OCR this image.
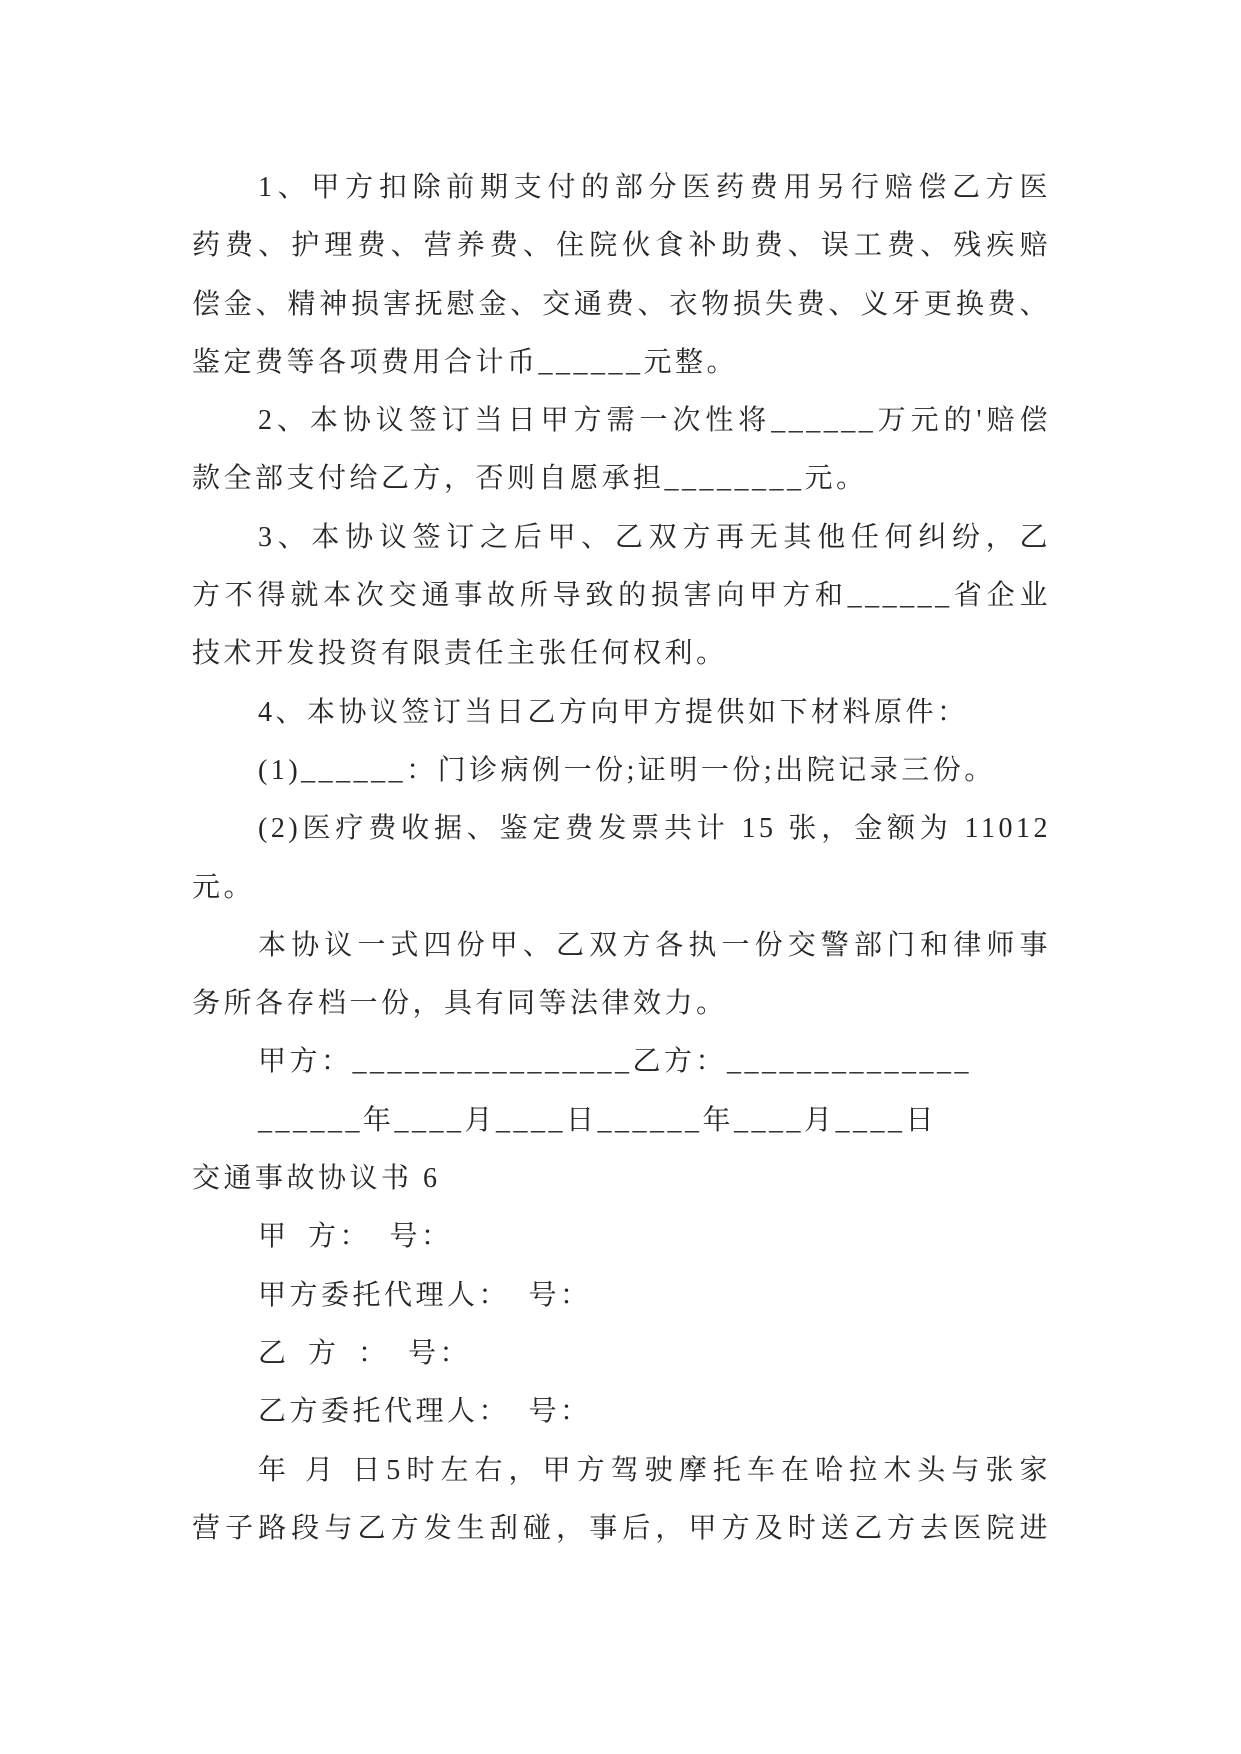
1、甲方扣除前期支付的部分医药费用另行赔偿乙方医
药费、护理费、营养费、住院伙食补助费、误工费、残疾赔
偿金、精神损害抚慰金、交通费、衣物损失费、义牙更换费、
鉴定费等各项费用合计币______元整。
2、本协议签订当日甲方需一次性将______万元的'赔偿
款全部支付给乙方，否则自愿承担________元。
3、本协议签订之后甲、乙双方再无其他任何纠纷，乙
方不得就本次交通事故所导致的损害向甲方和______省企业
技术开发投资有限责任主张任何权利。
4、本协议签订当日乙方向甲方提供如下材料原件：
(1)______：门诊病例一份;证明一份;出院记录三份。
(2)医疗费收据、鉴定费发票共计 15 张，金额为 11012
元。
本协议一式四份甲、乙双方各执一份交警部门和律师事
务所各存档一份，具有同等法律效力。
甲方：________________乙方：______________
______年____月____日______年____月____日
交通事故协议书 6
甲 方： 号：
甲方委托代理人： 号：
乙 方 ： 号：
乙方委托代理人： 号：
年 月 日5时左右，甲方驾驶摩托车在哈拉木头与张家
营子路段与乙方发生刮碰，事后，甲方及时送乙方去医院进
